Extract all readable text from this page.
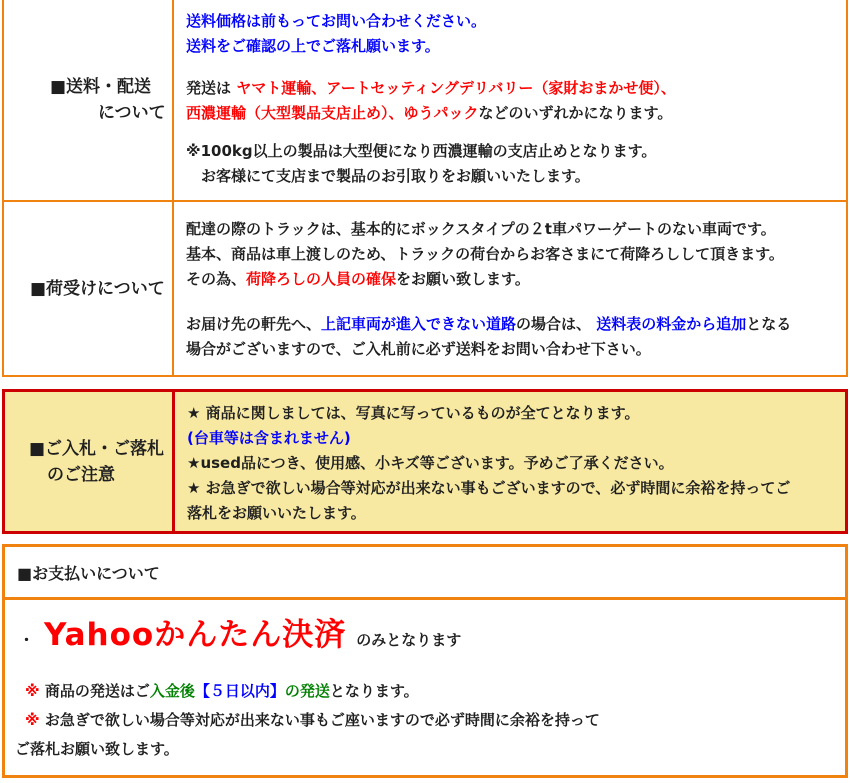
■送料・配送
について

送料価格は前もってお問い合わせください。

送料をご確認の上でご落札願います。

発送は ヤマト運輸、アートセッティングデリバリー（家財おまかせ便）、

西濃運輸（大型製品支店止め）、ゆうパックなどのいずれかになります。

※100kg以上の製品は大型便になり西濃運輸の支店止めとなります。

　お客様にて支店まで製品のお引取りをお願いいたします。

■荷受けについて

配達の際のトラックは、基本的にボックスタイプの２t車パワーゲートのない車両です。

基本、商品は車上渡しのため、トラックの荷台からお客さまにて荷降ろしして頂きます。

その為、荷降ろしの人員の確保をお願い致します。

お届け先の軒先へ、上記車両が進入できない道路の場合は、 送料表の料金から追加となる

場合がございますので、ご入札前に必ず送料をお問い合わせ下さい。

■ご入札・ご落札
のご注意

★ 商品に関しましては、写真に写っているものが全てとなります。

(台車等は含まれません)

★used品につき、使用感、小キズ等ございます。予めご了承ください。

★ お急ぎで欲しい場合等対応が出来ない事もございますので、必ず時間に余裕を持ってご

落札をお願いいたします。

■お支払いについて
・ Yahooかんたん決済 のみとなります

※ 商品の発送はご入金後【５日以内】の発送となります。

※ お急ぎで欲しい場合等対応が出来ない事もご座いますので必ず時間に余裕を持って

ご落札お願い致します。
